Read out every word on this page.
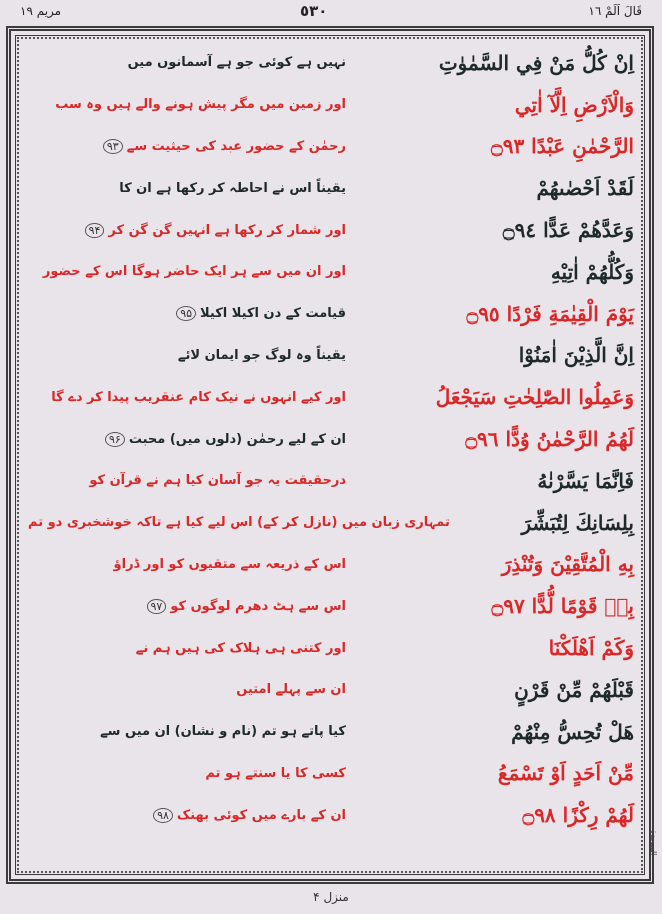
مريم ١٩	٥٣٠	قَالَ اَلَمْ ١٦
اِنْ كُلُّ مَنْ فِي السَّمٰوٰتِ
نہیں ہے کوئی جو ہے آسمانوں میں
وَالْاَرْضِ اِلَّآ اٰتِي
اور زمین میں مگر پیش ہونے والے ہیں وہ سب
الرَّحْمٰنِ عَبْدًا ۝٩٣
رحمٰن کے حضور عبد کی حیثیت سے۹۳
لَقَدْ اَحْصٰىهُمْ
یقیناً اس نے احاطہ کر رکھا ہے ان کا
وَعَدَّهُمْ عَدًّا ۝٩٤
اور شمار کر رکھا ہے انہیں گن گن کر۹۴
وَكُلُّهُمْ اٰتِيْهِ
اور ان میں سے ہر ایک حاضر ہوگا اس کے حضور
يَوْمَ الْقِيٰمَةِ فَرْدًا ۝٩٥
قیامت کے دن اکیلا اکیلا۹۵
اِنَّ الَّذِيْنَ اٰمَنُوْا
یقیناً وہ لوگ جو ایمان لائے
وَعَمِلُوا الصّٰلِحٰتِ سَيَجْعَلُ
اور کیے انہوں نے نیک کام عنقریب پیدا کر دے گا
لَهُمُ الرَّحْمٰنُ وُدًّا ۝٩٦
ان کے لیے رحمٰن (دلوں میں) محبت۹۶
فَاِنَّمَا يَسَّرْنٰهُ
درحقیقت یہ جو آسان کیا ہم نے قرآن کو
بِلِسَانِكَ لِتُبَشِّرَ
تمہاری زبان میں (نازل کر کے) اس لیے کیا ہے تاکہ خوشخبری دو تم
بِهِ الْمُتَّقِيْنَ وَتُنْذِرَ
اس کے ذریعہ سے متقیوں کو اور ڈراؤ
بِهٖ قَوْمًا لُّدًّا ۝٩٧
اس سے ہٹ دھرم لوگوں کو۹۷
وَكَمْ اَهْلَكْنَا
اور کتنی ہی ہلاک کی ہیں ہم نے
قَبْلَهُمْ مِّنْ قَرْنٍ
ان سے پہلے امتیں
هَلْ تُحِسُّ مِنْهُمْ
کیا پاتے ہو تم (نام و نشان) ان میں سے
مِّنْ اَحَدٍ اَوْ تَسْمَعُ
کسی کا یا سنتے ہو تم
لَهُمْ رِكْزًا ۝٩٨
ان کے بارے میں کوئی بھنک۹۸
السجدة
منزل ۴
